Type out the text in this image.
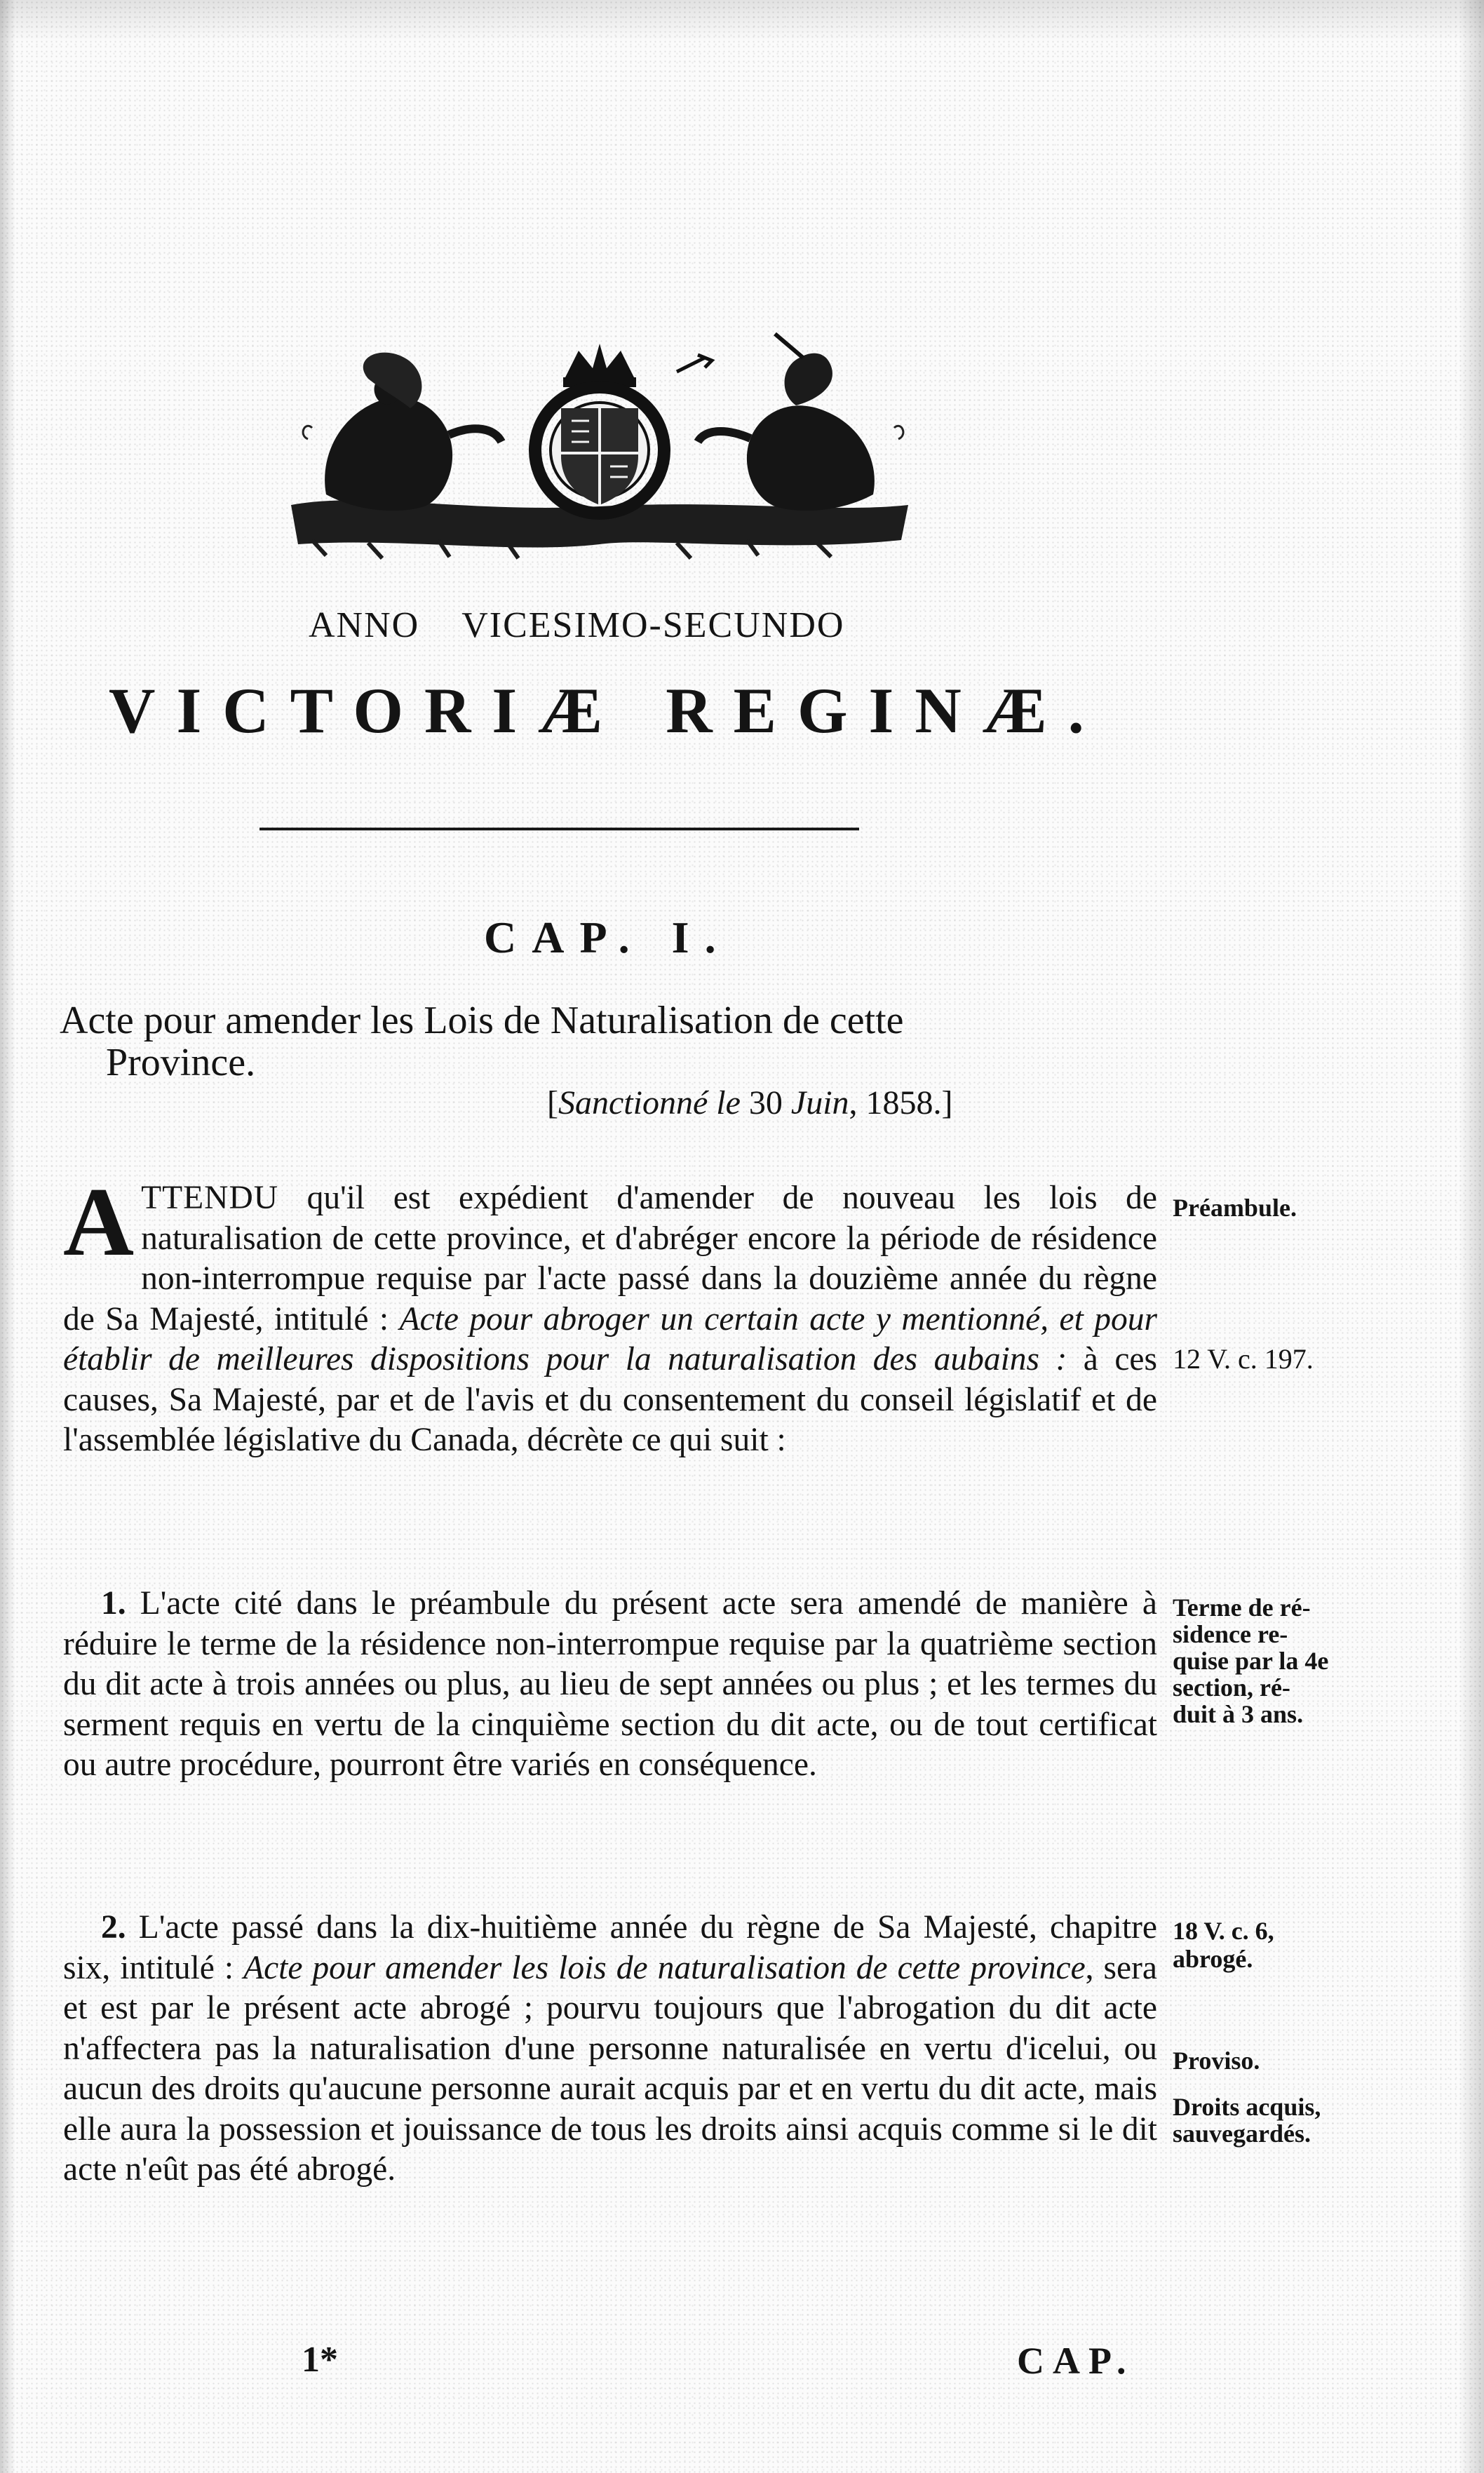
ANNO VICESIMO-SECUNDO
VICTORIÆ REGINÆ.
CAP. I.
Acte pour amender les Lois de Naturalisation de cette
Province.
[Sanctionné le 30 Juin, 1858.]
ATTENDU qu'il est expédient d'amender de nouveau les lois de naturalisation de cette province, et d'abréger encore la période de résidence non-interrompue requise par l'acte passé dans la douzième année du règne de Sa Majesté, intitulé : Acte pour abroger un certain acte y mentionné, et pour établir de meilleures dispositions pour la naturalisation des aubains : à ces causes, Sa Majesté, par et de l'avis et du consentement du conseil législatif et de l'assemblée législative du Canada, décrète ce qui suit :
1. L'acte cité dans le préambule du présent acte sera amendé de manière à réduire le terme de la résidence non-interrompue requise par la quatrième section du dit acte à trois années ou plus, au lieu de sept années ou plus ; et les termes du serment requis en vertu de la cinquième section du dit acte, ou de tout certificat ou autre procédure, pourront être variés en conséquence.
2. L'acte passé dans la dix-huitième année du règne de Sa Majesté, chapitre six, intitulé : Acte pour amender les lois de naturalisation de cette province, sera et est par le présent acte abrogé ; pourvu toujours que l'abrogation du dit acte n'affectera pas la naturalisation d'une personne naturalisée en vertu d'icelui, ou aucun des droits qu'aucune personne aurait acquis par et en vertu du dit acte, mais elle aura la possession et jouissance de tous les droits ainsi acquis comme si le dit acte n'eût pas été abrogé.
Préambule.
12 V. c. 197.
Terme de ré-
sidence re-
quise par la 4e
section, ré-
duit à 3 ans.
18 V. c. 6,
abrogé.
Proviso.
Droits acquis,
sauvegardés.
1*	CAP.
